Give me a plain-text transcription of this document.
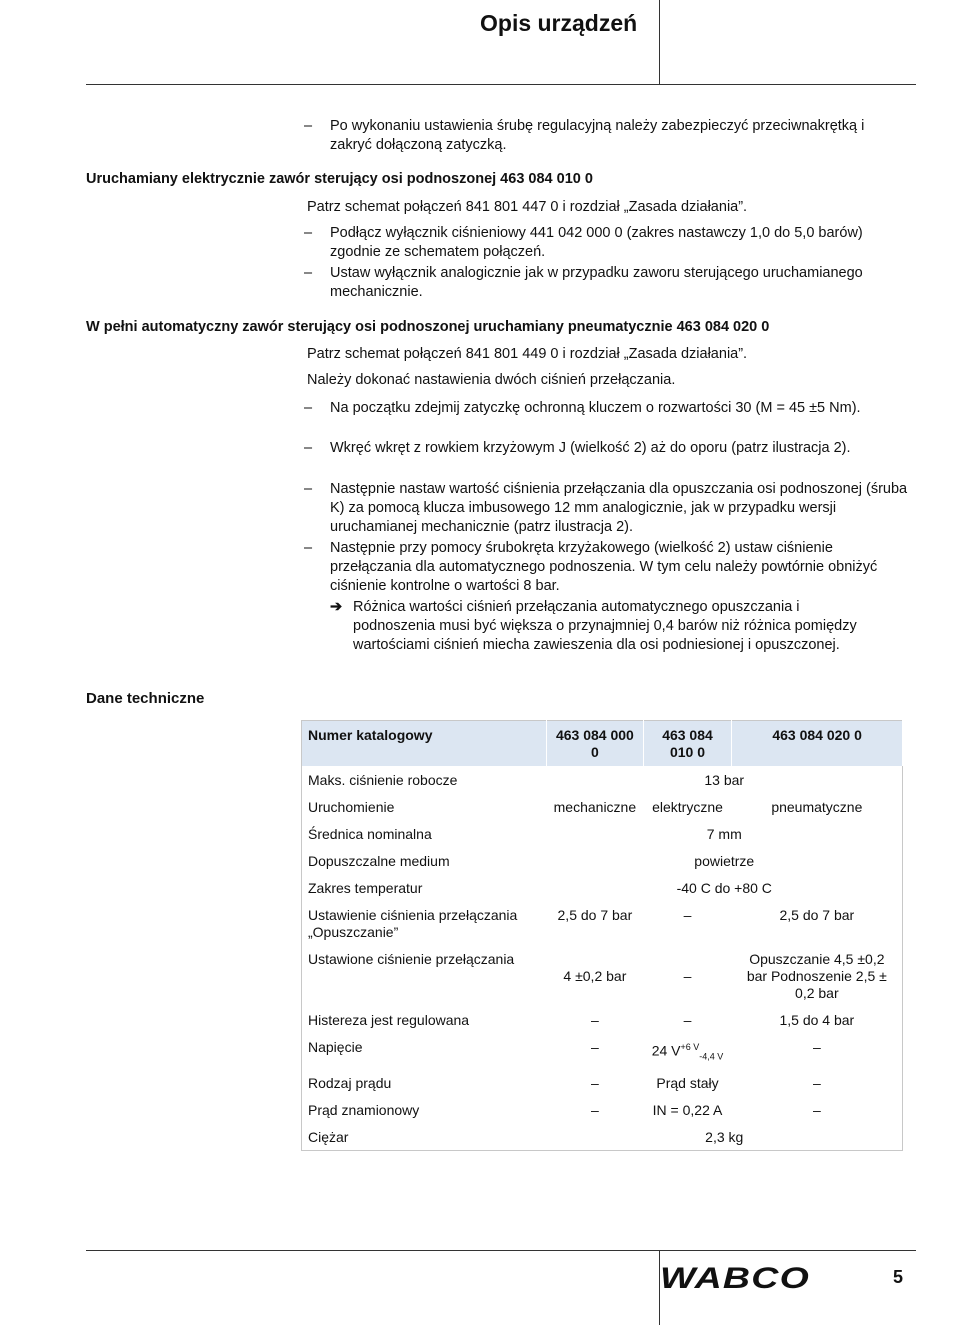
Opis urządzeń
–	Po wykonaniu ustawienia śrubę regulacyjną należy zabezpieczyć przeciwnakrętką i zakryć dołączoną zatyczką.
Uruchamiany elektrycznie zawór sterujący osi podnoszonej 463 084 010 0
Patrz schemat połączeń 841 801 447 0 i rozdział „Zasada działania”.
–	Podłącz wyłącznik ciśnieniowy 441 042 000 0 (zakres nastawczy 1,0 do 5,0 barów) zgodnie ze schematem połączeń.
–	Ustaw wyłącznik analogicznie jak w przypadku zaworu sterującego uruchamianego mechanicznie.
W pełni automatyczny zawór sterujący osi podnoszonej uruchamiany pneumatycznie 463 084 020 0
Patrz schemat połączeń 841 801 449 0 i rozdział „Zasada działania”.
Należy dokonać nastawienia dwóch ciśnień przełączania.
–	Na początku zdejmij zatyczkę ochronną kluczem o rozwartości 30 (M = 45 ±5 Nm).
–	Wkręć wkręt z rowkiem krzyżowym J (wielkość 2) aż do oporu (patrz ilustracja 2).
–	Następnie nastaw wartość ciśnienia przełączania dla opuszczania osi podnoszonej (śruba K) za pomocą klucza imbusowego 12 mm analogicznie, jak w przypadku wersji uruchamianej mechanicznie (patrz ilustracja 2).
–	Następnie przy pomocy śrubokręta krzyżakowego (wielkość 2) ustaw ciśnienie przełączania dla automatycznego podnoszenia. W tym celu należy powtórnie obniżyć ciśnienie kontrolne o wartości 8 bar.
➔ Różnica wartości ciśnień przełączania automatycznego opuszczania i podnoszenia musi być większa o przynajmniej 0,4 barów niż różnica pomiędzy wartościami ciśnień miecha zawieszenia dla osi podniesionej i opuszczonej.
Dane techniczne
Numer katalogowy	463 084 000 0	463 084 010 0	463 084 020 0
Maks. ciśnienie robocze	13 bar		
Uruchomienie	mechaniczne	elektryczne	pneumatyczne
Średnica nominalna	7 mm		
Dopuszczalne medium	powietrze		
Zakres temperatur	-40 C do +80 C		
Ustawienie ciśnienia przełączania „Opuszczanie”	2,5 do 7 bar	–	2,5 do 7 bar
Ustawione ciśnienie przełączania	4 ±0,2 bar	–	Opuszczanie 4,5 ±0,2 bar Podnoszenie 2,5 ± 0,2 bar
Histereza jest regulowana	–	–	1,5 do 4 bar
Napięcie	–	24 $V^{+6 V}_{-4,4 V}$	–
Rodzaj prądu	–	Prąd stały	–
Prąd znamionowy	–	IN = 0,22 A	–
Ciężar	2,3 kg		
WABCO	5
